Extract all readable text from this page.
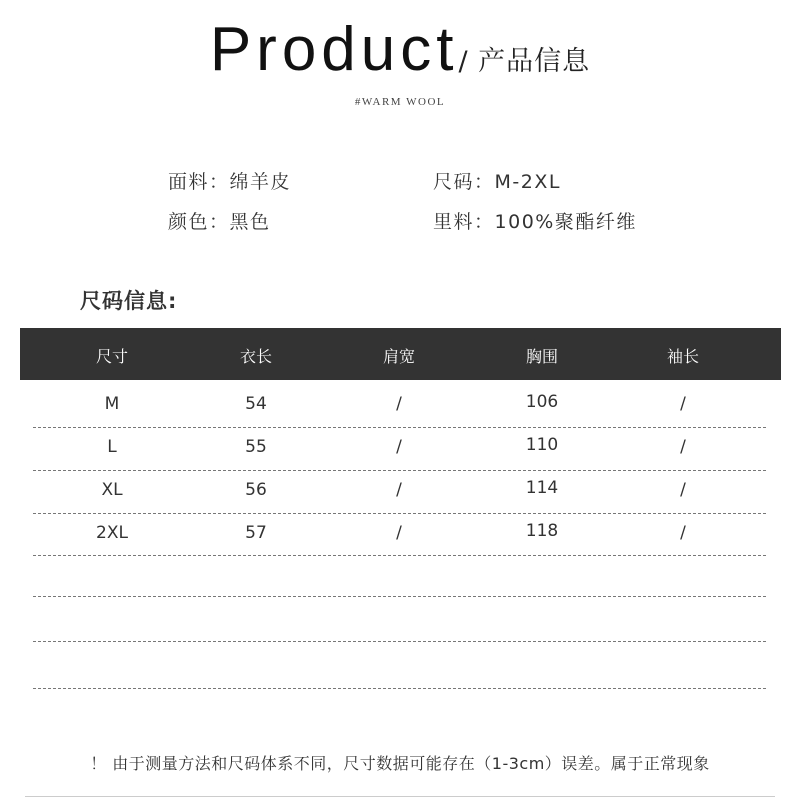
Product/ 产品信息
#WARM WOOL
面料：绵羊皮	尺码：M-2XL
颜色：黑色	里料：100%聚酯纤维
尺码信息:
尺寸	衣长	肩宽	胸围	袖长
M	54	/	106	/
L	55	/	110	/
XL	56	/	114	/
2XL	57	/	118	/
！ 由于测量方法和尺码体系不同，尺寸数据可能存在（1-3cm）误差。属于正常现象
